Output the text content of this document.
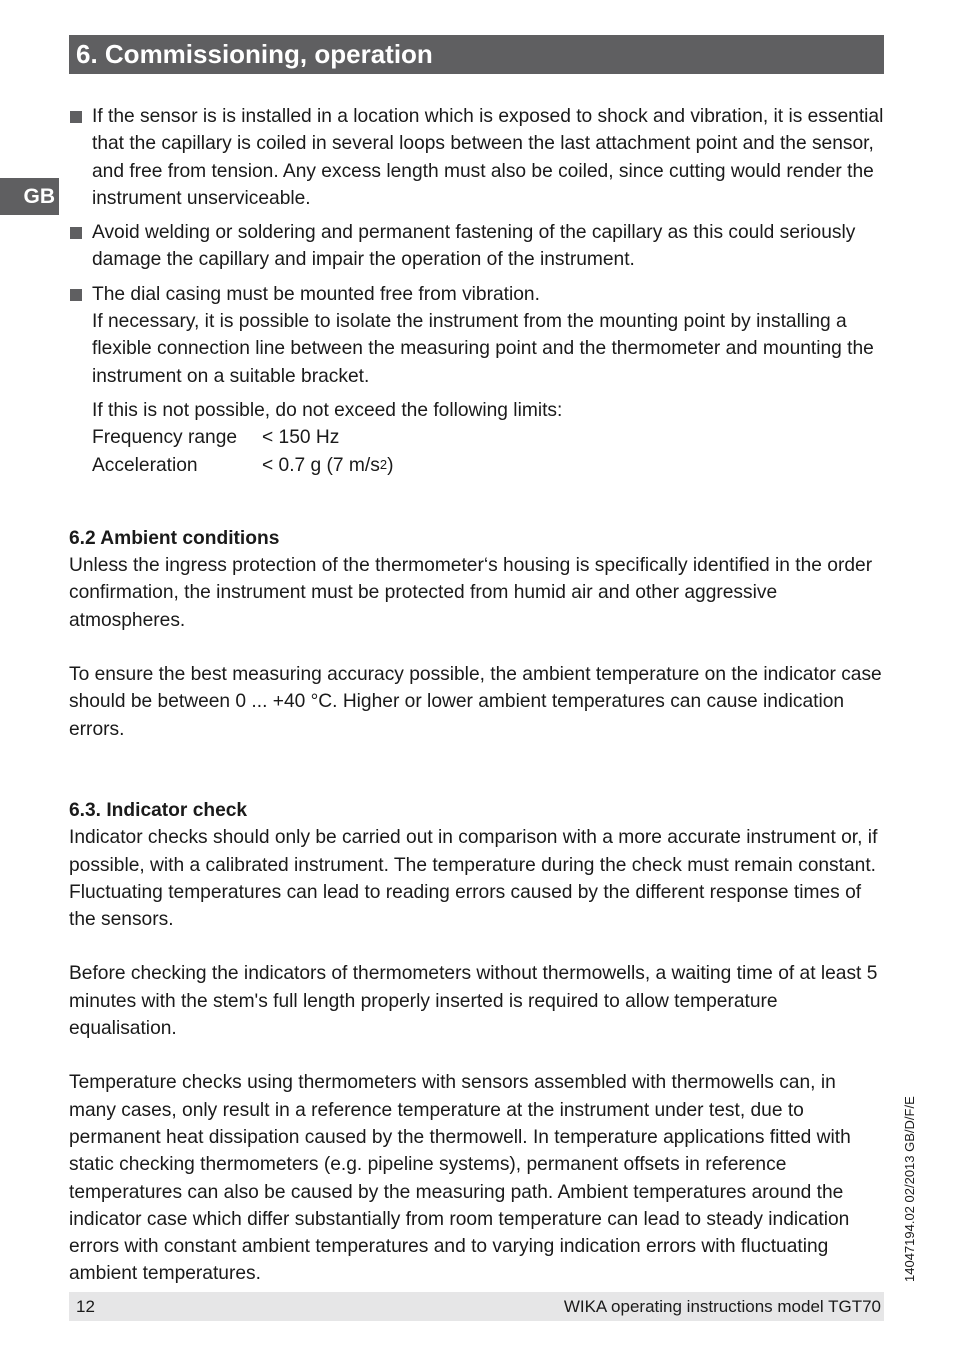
6. Commissioning, operation
GB

If the sensor is is installed in a location which is exposed to shock and vibration, it is essential that the capillary is coiled in several loops between the last attachment point and the sensor, and free from tension. Any excess length must also be coiled, since cutting would render the instrument unserviceable.

Avoid welding or soldering and permanent fastening of the capillary as this could seriously damage the capillary and impair the operation of the instrument.

The dial casing must be mounted free from vibration.

If necessary, it is possible to isolate the instrument from the mounting point by installing a flexible connection line between the measuring point and the thermometer and mounting the instrument on a suitable bracket.

If this is not possible, do not exceed the following limits:

Frequency range	< 150 Hz
Acceleration	< 0.7 g (7 $m/s^2$)

6.2 Ambient conditions

Unless the ingress protection of the thermometer‘s housing is specifically identified in the order confirmation, the instrument must be protected from humid air and other aggressive atmospheres.

To ensure the best measuring accuracy possible, the ambient temperature on the indicator case should be between 0 ... +40 °C. Higher or lower ambient temperatures can cause indication errors.

6.3. Indicator check

Indicator checks should only be carried out in comparison with a more accurate instrument or, if possible, with a calibrated instrument. The temperature during the check must remain constant. Fluctuating temperatures can lead to reading errors caused by the different response times of the sensors.

Before checking the indicators of thermometers without thermowells, a waiting time of at least 5 minutes with the stem's full length properly inserted is required to allow temperature equalisation.

Temperature checks using thermometers with sensors assembled with thermowells can, in many cases, only result in a reference temperature at the instrument under test, due to permanent heat dissipation caused by the thermowell. In temperature applications fitted with static checking thermometers (e.g. pipeline systems), permanent offsets in reference temperatures can also be caused by the measuring path. Ambient temperatures around the indicator case which differ substantially from room temperature can lead to steady indication errors with constant ambient temperatures and to varying indication errors with fluctuating ambient temperatures.	14047194.02 02/2013 GB/D/F/E
12	WIKA operating instructions model TGT70
